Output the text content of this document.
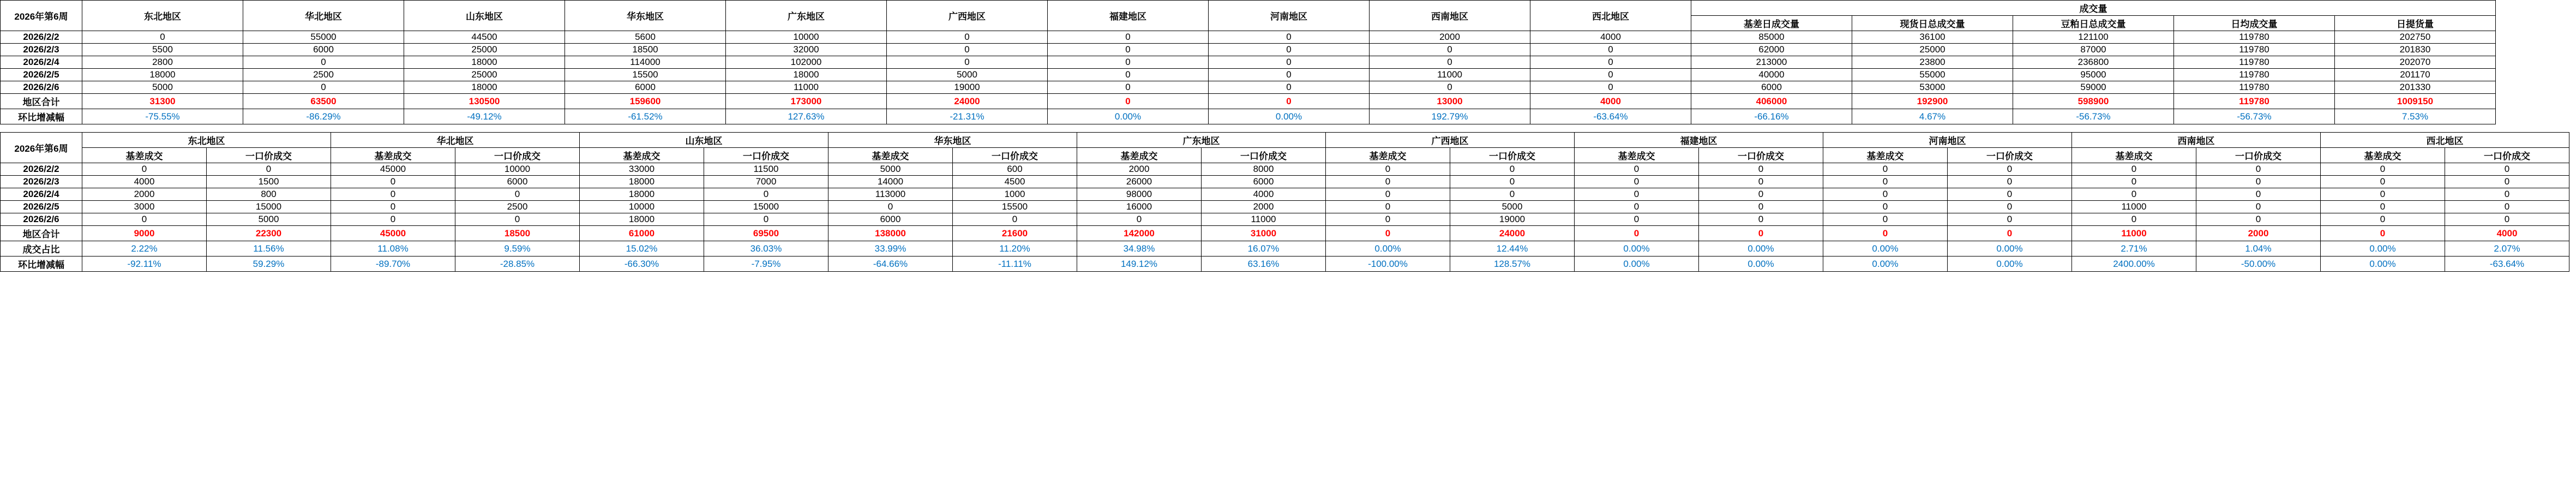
2026年第6周	东北地区	华北地区	山东地区	华东地区	广东地区	广西地区	福建地区	河南地区	西南地区	西北地区	成交量				
											基差日成交量	现货日总成交量	豆粕日总成交量	日均成交量	日提货量
2026/2/2	0	55000	44500	5600	10000	0	0	0	2000	4000	85000	36100	121100	119780	202750
2026/2/3	5500	6000	25000	18500	32000	0	0	0	0	0	62000	25000	87000	119780	201830
2026/2/4	2800	0	18000	114000	102000	0	0	0	0	0	213000	23800	236800	119780	202070
2026/2/5	18000	2500	25000	15500	18000	5000	0	0	11000	0	40000	55000	95000	119780	201170
2026/2/6	5000	0	18000	6000	11000	19000	0	0	0	0	6000	53000	59000	119780	201330
地区合计	31300	63500	130500	159600	173000	24000	0	0	13000	4000	406000	192900	598900	119780	1009150
环比增减幅	-75.55%	-86.29%	-49.12%	-61.52%	127.63%	-21.31%	0.00%	0.00%	192.79%	-63.64%	-66.16%	4.67%	-56.73%	-56.73%	7.53%
2026年第6周	东北地区		华北地区		山东地区		华东地区		广东地区		广西地区		福建地区		河南地区		西南地区		西北地区	
	基差成交	一口价成交	基差成交	一口价成交	基差成交	一口价成交	基差成交	一口价成交	基差成交	一口价成交	基差成交	一口价成交	基差成交	一口价成交	基差成交	一口价成交	基差成交	一口价成交	基差成交	一口价成交
2026/2/2	0	0	45000	10000	33000	11500	5000	600	2000	8000	0	0	0	0	0	0	0	0	0	0
2026/2/3	4000	1500	0	6000	18000	7000	14000	4500	26000	6000	0	0	0	0	0	0	0	0	0	0
2026/2/4	2000	800	0	0	18000	0	113000	1000	98000	4000	0	0	0	0	0	0	0	0	0	0
2026/2/5	3000	15000	0	2500	10000	15000	0	15500	16000	2000	0	5000	0	0	0	0	11000	0	0	0
2026/2/6	0	5000	0	0	18000	0	6000	0	0	11000	0	19000	0	0	0	0	0	0	0	0
地区合计	9000	22300	45000	18500	61000	69500	138000	21600	142000	31000	0	24000	0	0	0	0	11000	2000	0	4000
成交占比	2.22%	11.56%	11.08%	9.59%	15.02%	36.03%	33.99%	11.20%	34.98%	16.07%	0.00%	12.44%	0.00%	0.00%	0.00%	0.00%	2.71%	1.04%	0.00%	2.07%
环比增减幅	-92.11%	59.29%	-89.70%	-28.85%	-66.30%	-7.95%	-64.66%	-11.11%	149.12%	63.16%	-100.00%	128.57%	0.00%	0.00%	0.00%	0.00%	2400.00%	-50.00%	0.00%	-63.64%
